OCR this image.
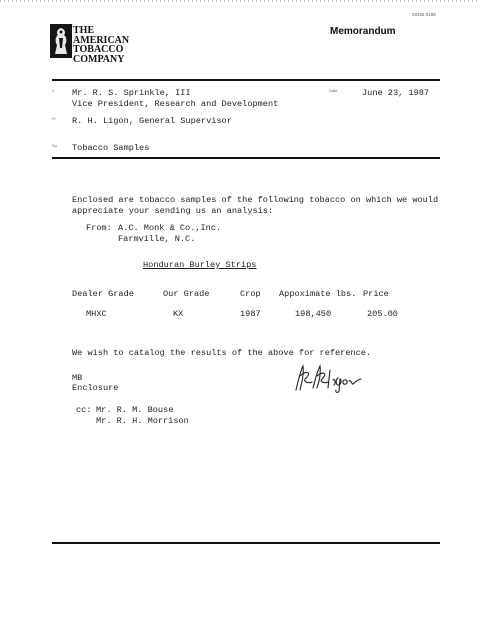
03425 0186
THE
AMERICAN
TOBACCO
COMPANY
Memorandum
1 Mr. R. S. Sprinkle, III
Vice President, Research and Development
Date	June 23, 1987
Fr R. H. Ligon, General Supervisor
Su Tobacco Samples
Enclosed are tobacco samples of the following tobacco on which we would
appreciate your sending us an analysis:
From: A.C. Monk & Co.,Inc.
Farmville, N.C.
Honduran Burley Strips
Dealer Grade	Our Grade	Crop	Appoximate lbs.	Price
MHXC	KX	1987	198,450	205.00
We wish to catalog the results of the above for reference.
MB
Enclosure
cc: Mr. R. M. Bouse
Mr. R. H. Morrison
